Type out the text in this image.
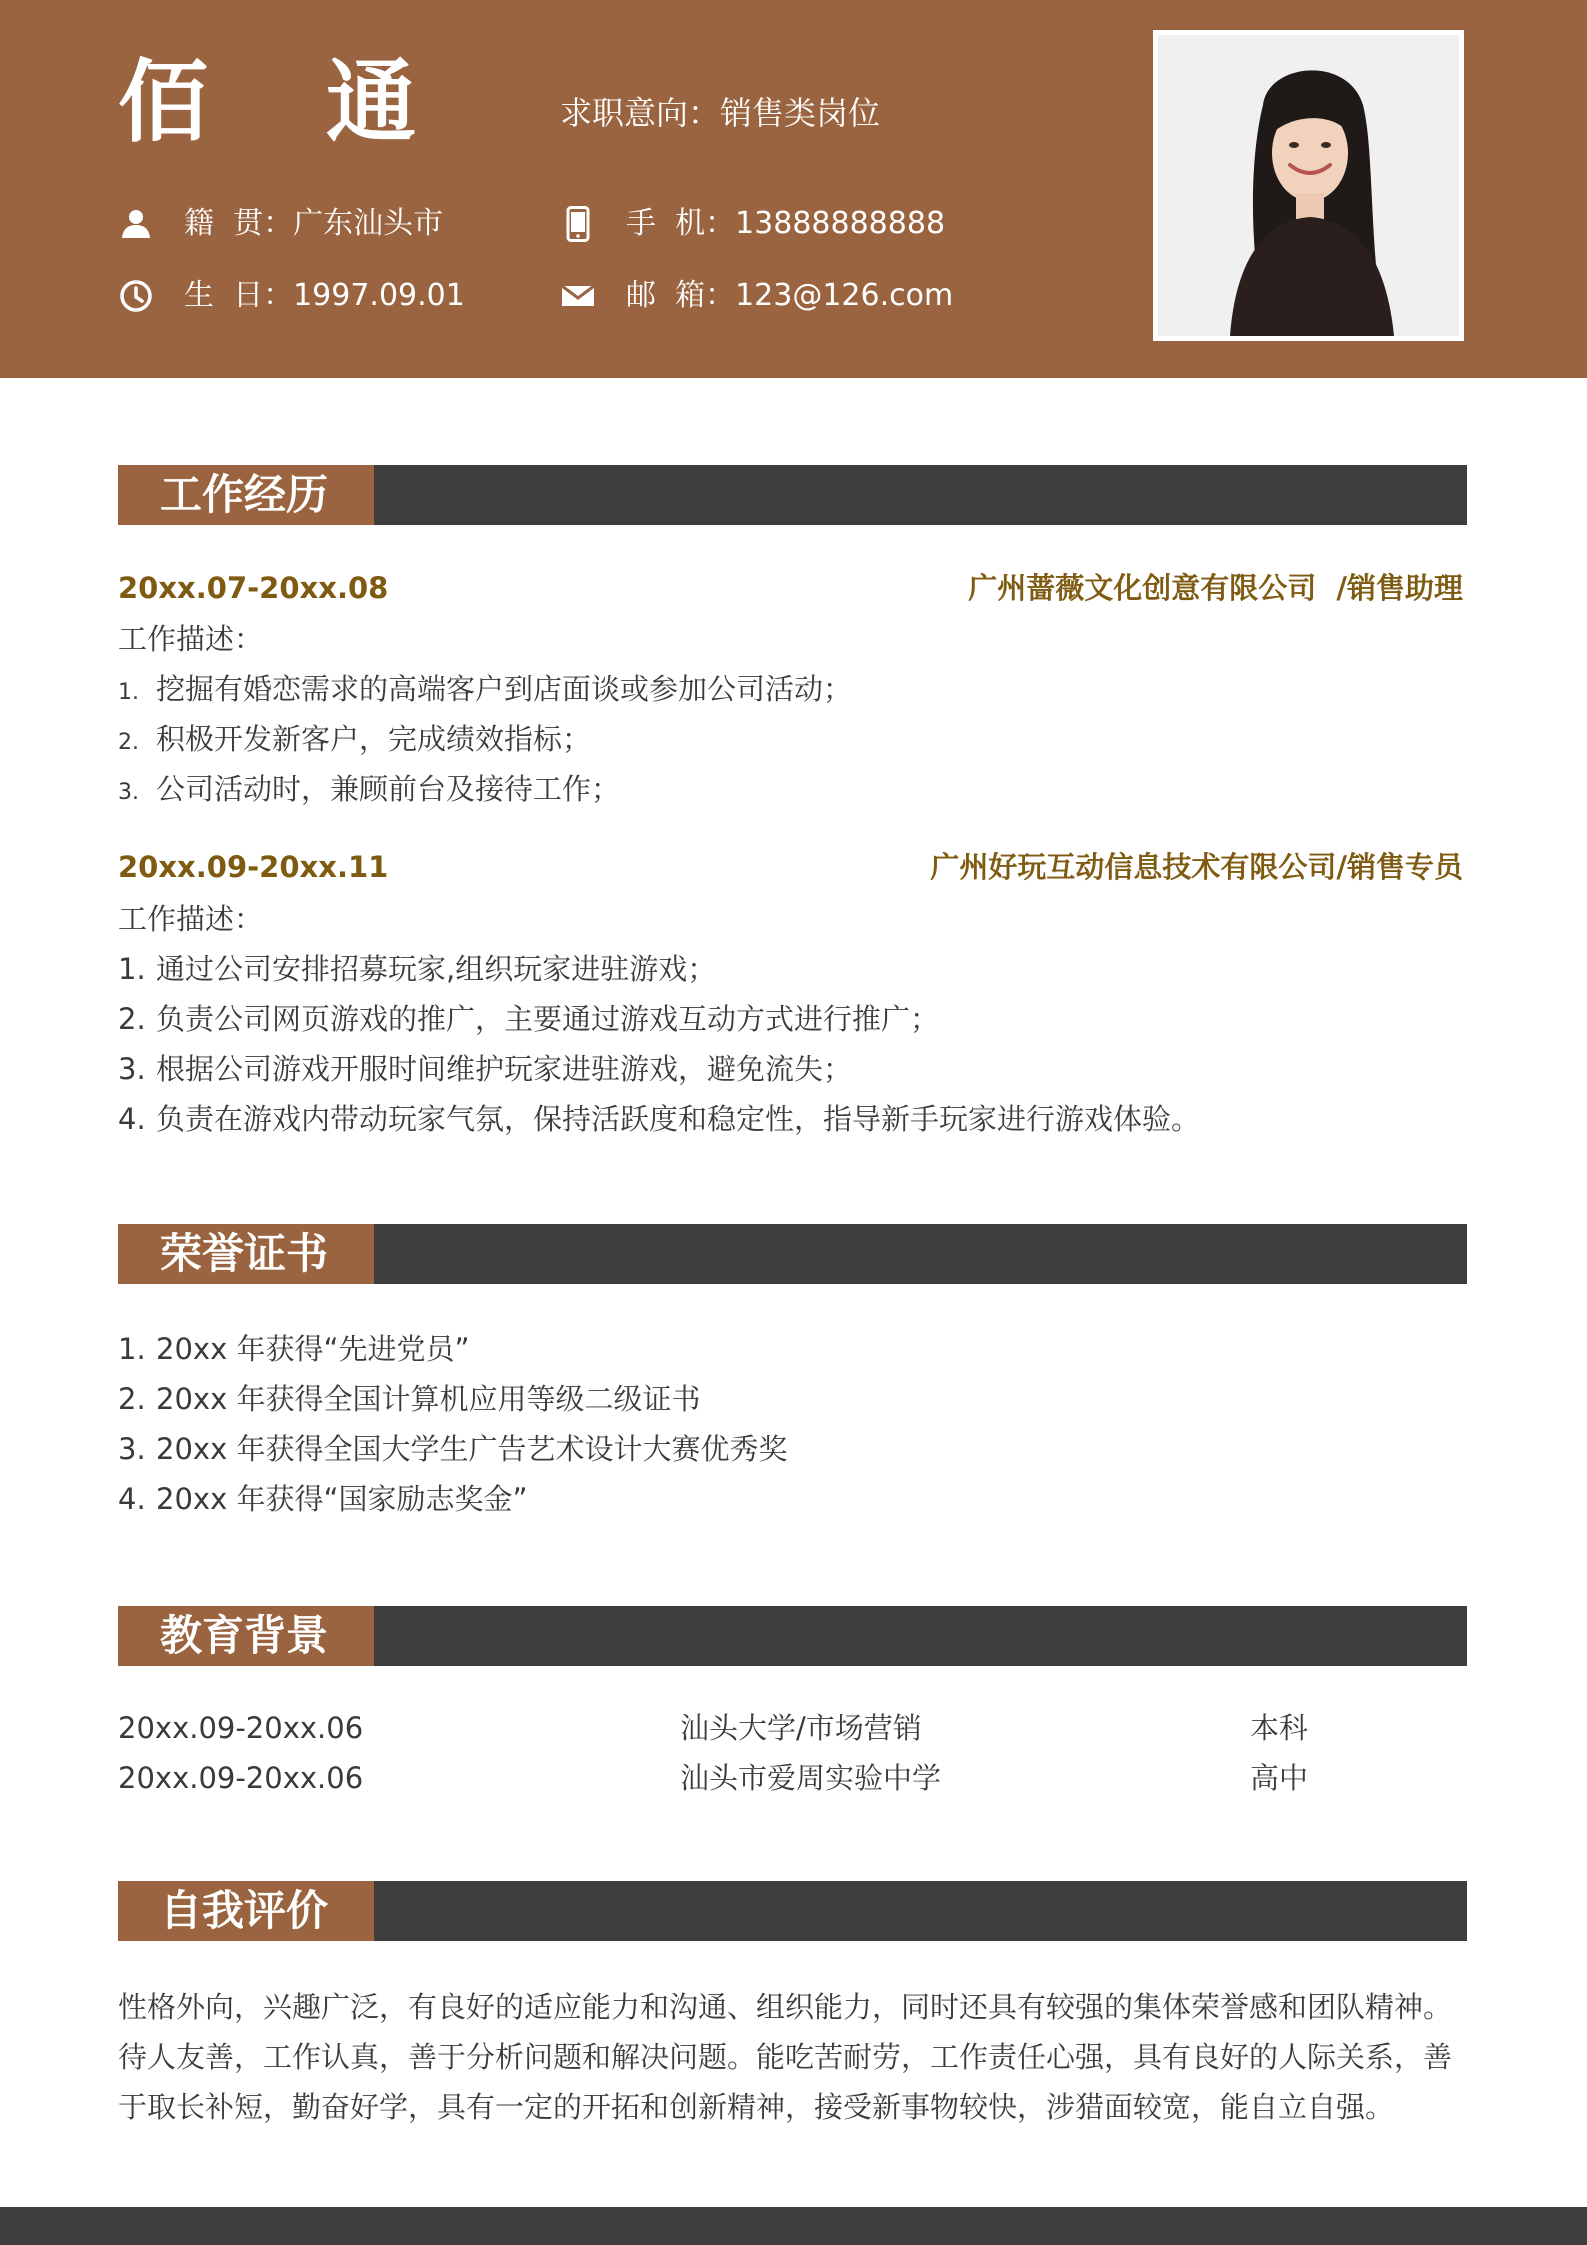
佰 通	求职意向：销售类岗位
籍  贯：广东汕头市
生  日：1997.09.01
手  机：13888888888
邮  箱：123@126.com
工作经历
20xx.07-20xx.08	广州蔷薇文化创意有限公司  /销售助理
工作描述：
1. 挖掘有婚恋需求的高端客户到店面谈或参加公司活动；
2. 积极开发新客户，完成绩效指标；
3. 公司活动时，兼顾前台及接待工作；
20xx.09-20xx.11	广州好玩互动信息技术有限公司/销售专员
工作描述：
1. 通过公司安排招募玩家,组织玩家进驻游戏；
2. 负责公司网页游戏的推广，主要通过游戏互动方式进行推广；
3. 根据公司游戏开服时间维护玩家进驻游戏，避免流失；
4. 负责在游戏内带动玩家气氛，保持活跃度和稳定性，指导新手玩家进行游戏体验。
荣誉证书
1. 20xx 年获得“先进党员”
2. 20xx 年获得全国计算机应用等级二级证书
3. 20xx 年获得全国大学生广告艺术设计大赛优秀奖
4. 20xx 年获得“国家励志奖金”
教育背景
20xx.09-20xx.06	汕头大学/市场营销	本科
20xx.09-20xx.06	汕头市爱周实验中学	高中
自我评价
性格外向，兴趣广泛，有良好的适应能力和沟通、组织能力，同时还具有较强的集体荣誉感和团队精神。待人友善，工作认真，善于分析问题和解决问题。能吃苦耐劳，工作责任心强，具有良好的人际关系，善于取长补短，勤奋好学，具有一定的开拓和创新精神，接受新事物较快，涉猎面较宽，能自立自强。
